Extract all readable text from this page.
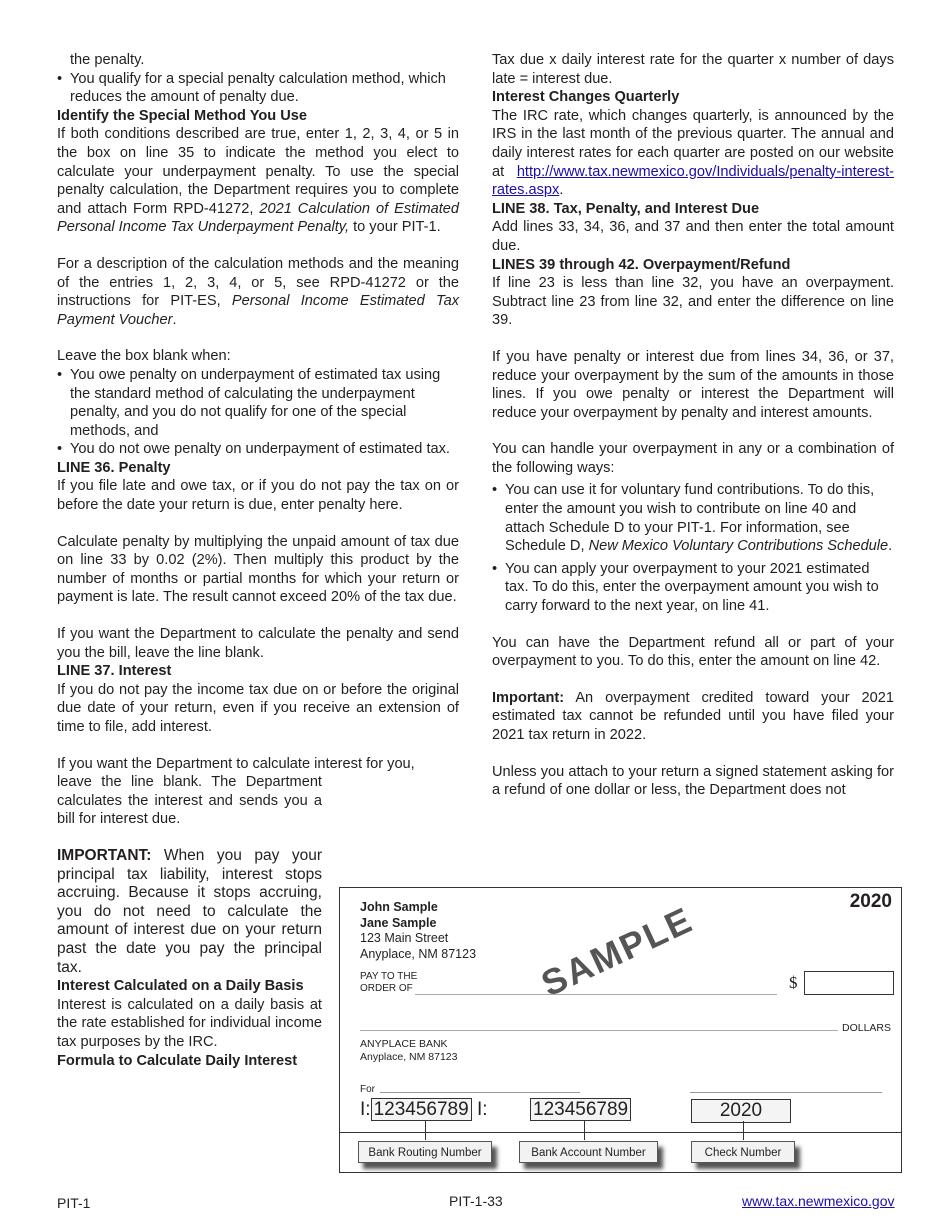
the penalty.

• You qualify for a special penalty calculation method, which reduces the amount of penalty due.

Identify the Special Method You Use

If both conditions described are true, enter 1, 2, 3, 4, or 5 in the box on line 35 to indicate the method you elect to calculate your underpayment penalty. To use the special penalty calculation, the Department requires you to complete and attach Form RPD-41272, 2021 Calculation of Estimated Personal Income Tax Underpayment Penalty, to your PIT-1.

For a description of the calculation methods and the meaning of the entries 1, 2, 3, 4, or 5, see RPD-41272 or the instructions for PIT-ES, Personal Income Estimated Tax Payment Voucher.

Leave the box blank when:

• You owe penalty on underpayment of estimated tax using the standard method of calculating the underpayment penalty, and you do not qualify for one of the special methods, and
• You do not owe penalty on underpayment of estimated tax.

LINE 36. Penalty

If you file late and owe tax, or if you do not pay the tax on or before the date your return is due, enter penalty here.

Calculate penalty by multiplying the unpaid amount of tax due on line 33 by 0.02 (2%). Then multiply this product by the number of months or partial months for which your return or payment is late. The result cannot exceed 20% of the tax due.

If you want the Department to calculate the penalty and send you the bill, leave the line blank.

LINE 37. Interest

If you do not pay the income tax due on or before the original due date of your return, even if you receive an extension of time to file, add interest.

If you want the Department to calculate interest for you,

leave the line blank. The Department calculates the interest and sends you a bill for interest due.

IMPORTANT: When you pay your principal tax liability, interest stops accruing. Because it stops accruing, you do not need to calculate the amount of interest due on your return past the date you pay the principal tax.

Interest Calculated on a Daily Basis

Interest is calculated on a daily basis at the rate established for individual income tax purposes by the IRC.

Formula to Calculate Daily Interest

Tax due x daily interest rate for the quarter x number of days late = interest due.

Interest Changes Quarterly

The IRC rate, which changes quarterly, is announced by the IRS in the last month of the previous quarter. The annual and daily interest rates for each quarter are posted on our website at http://www.tax.newmexico.gov/Individuals/penalty-interest-rates.aspx.

LINE 38. Tax, Penalty, and Interest Due

Add lines 33, 34, 36, and 37 and then enter the total amount due.

LINES 39 through 42. Overpayment/Refund

If line 23 is less than line 32, you have an overpayment. Subtract line 23 from line 32, and enter the difference on line 39.

If you have penalty or interest due from lines 34, 36, or 37, reduce your overpayment by the sum of the amounts in those lines. If you owe penalty or interest the Department will reduce your overpayment by penalty and interest amounts.

You can handle your overpayment in any or a combination of the following ways:

• You can use it for voluntary fund contributions. To do this, enter the amount you wish to contribute on line 40 and attach Schedule D to your PIT-1. For information, see Schedule D, New Mexico Voluntary Contributions Schedule.
• You can apply your overpayment to your 2021 estimated tax. To do this, enter the overpayment amount you wish to carry forward to the next year, on line 41.

You can have the Department refund all or part of your overpayment to you. To do this, enter the amount on line 42.

Important: An overpayment credited toward your 2021 estimated tax cannot be refunded until you have filed your 2021 tax return in 2022.

Unless you attach to your return a signed statement asking for a refund of one dollar or less, the Department does not

John Sample
Jane Sample
123 Main Street
Anyplace, NM 87123
2020
PAY TO THE
ORDER OF	SAMPLE	$
DOLLARS
ANYPLACE BANK
Anyplace, NM 87123
For
I: 123456789 I: 123456789	2020
Bank Routing Number	Bank Account Number	Check Number
PIT-1	PIT-1-33	www.tax.newmexico.gov
